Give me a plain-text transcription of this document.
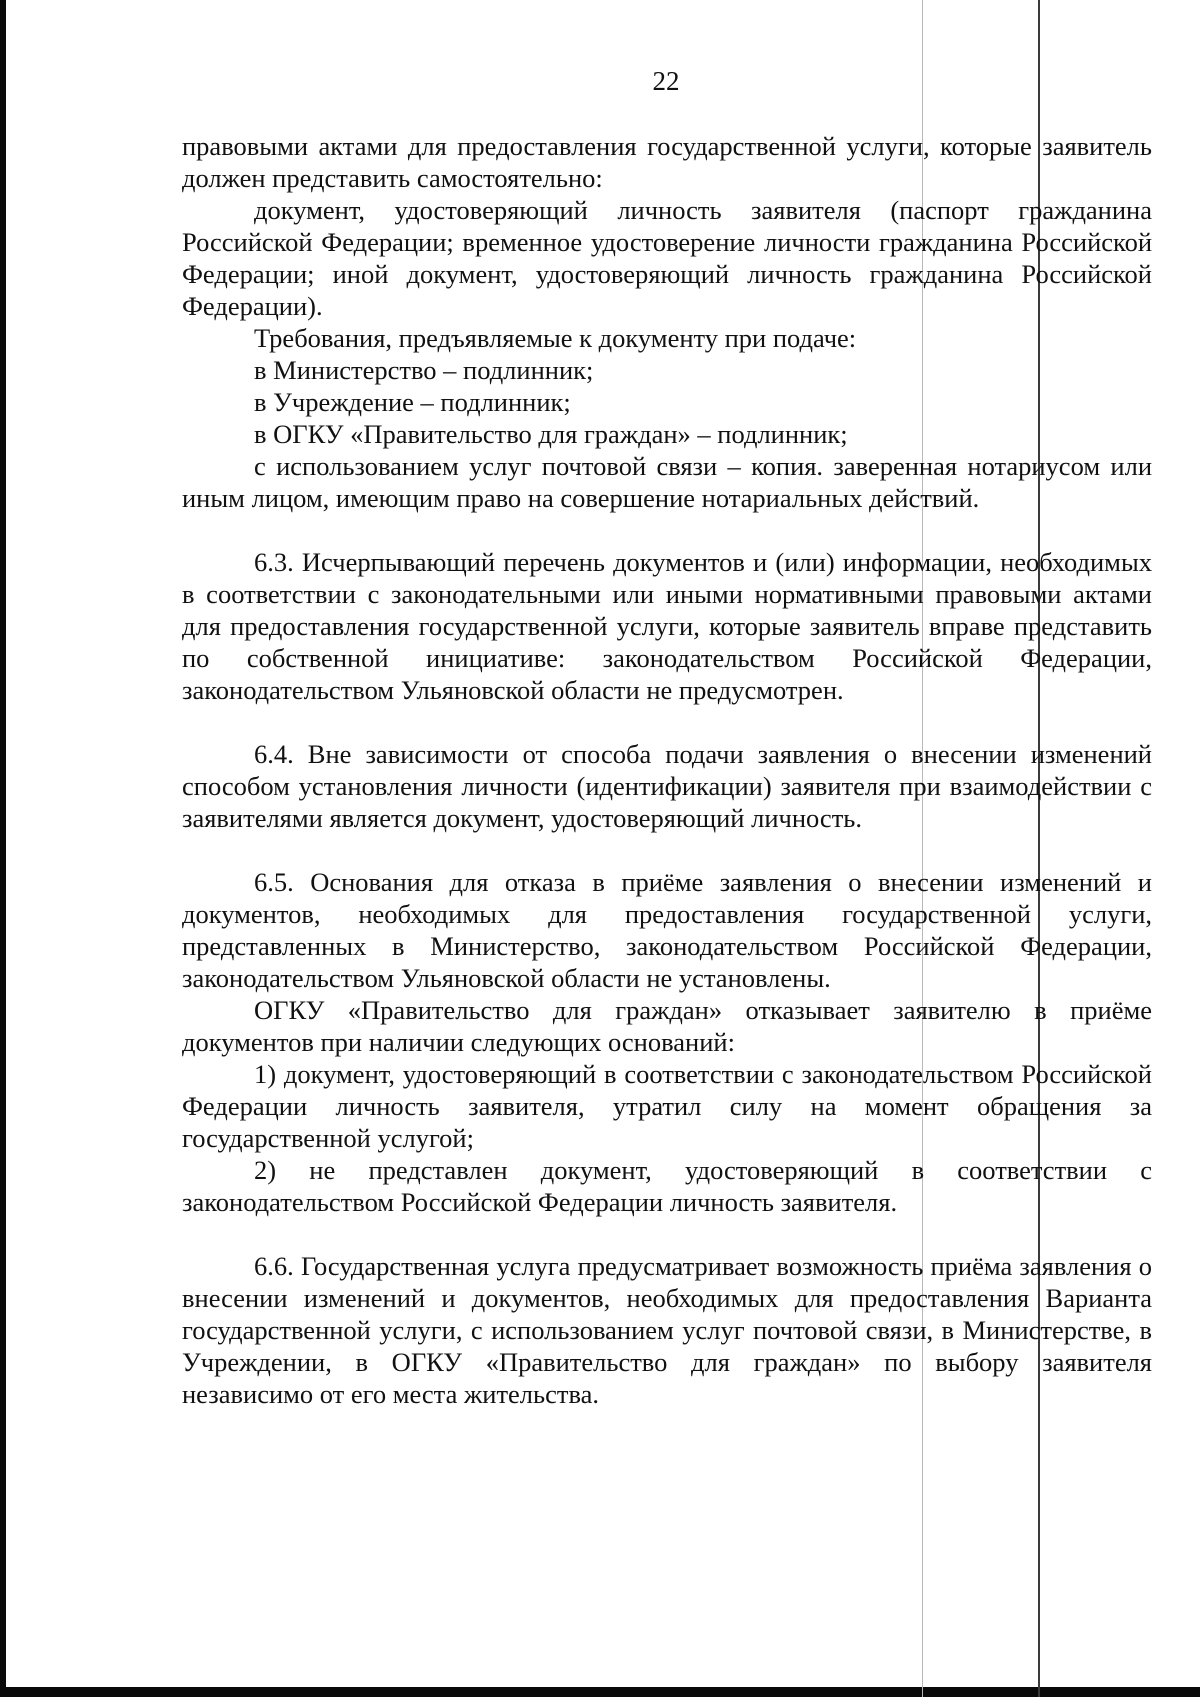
22

правовыми актами для предоставления государственной услуги, которые заявитель должен представить самостоятельно:

документ, удостоверяющий личность заявителя (паспорт гражданина Российской Федерации; временное удостоверение личности гражданина Российской Федерации; иной документ, удостоверяющий личность гражданина Российской Федерации).

Требования, предъявляемые к документу при подаче:

в Министерство – подлинник;

в Учреждение – подлинник;

в ОГКУ «Правительство для граждан» – подлинник;

с использованием услуг почтовой связи – копия. заверенная нотариусом или иным лицом, имеющим право на совершение нотариальных действий.

6.3. Исчерпывающий перечень документов и (или) информации, необходимых в соответствии с законодательными или иными нормативными правовыми актами для предоставления государственной услуги, которые заявитель вправе представить по собственной инициативе: законодательством Российской Федерации, законодательством Ульяновской области не предусмотрен.

6.4. Вне зависимости от способа подачи заявления о внесении изменений способом установления личности (идентификации) заявителя при взаимодействии с заявителями является документ, удостоверяющий личность.

6.5. Основания для отказа в приёме заявления о внесении изменений и документов, необходимых для предоставления государственной услуги, представленных в Министерство, законодательством Российской Федерации, законодательством Ульяновской области не установлены.

ОГКУ «Правительство для граждан» отказывает заявителю в приёме документов при наличии следующих оснований:

1) документ, удостоверяющий в соответствии с законодательством Российской Федерации личность заявителя, утратил силу на момент обращения за государственной услугой;

2) не представлен документ, удостоверяющий в соответствии с законодательством Российской Федерации личность заявителя.

6.6. Государственная услуга предусматривает возможность приёма заявления о внесении изменений и документов, необходимых для предоставления Варианта государственной услуги, с использованием услуг почтовой связи, в Министерстве, в Учреждении, в ОГКУ «Правительство для граждан» по выбору заявителя независимо от его места жительства.
